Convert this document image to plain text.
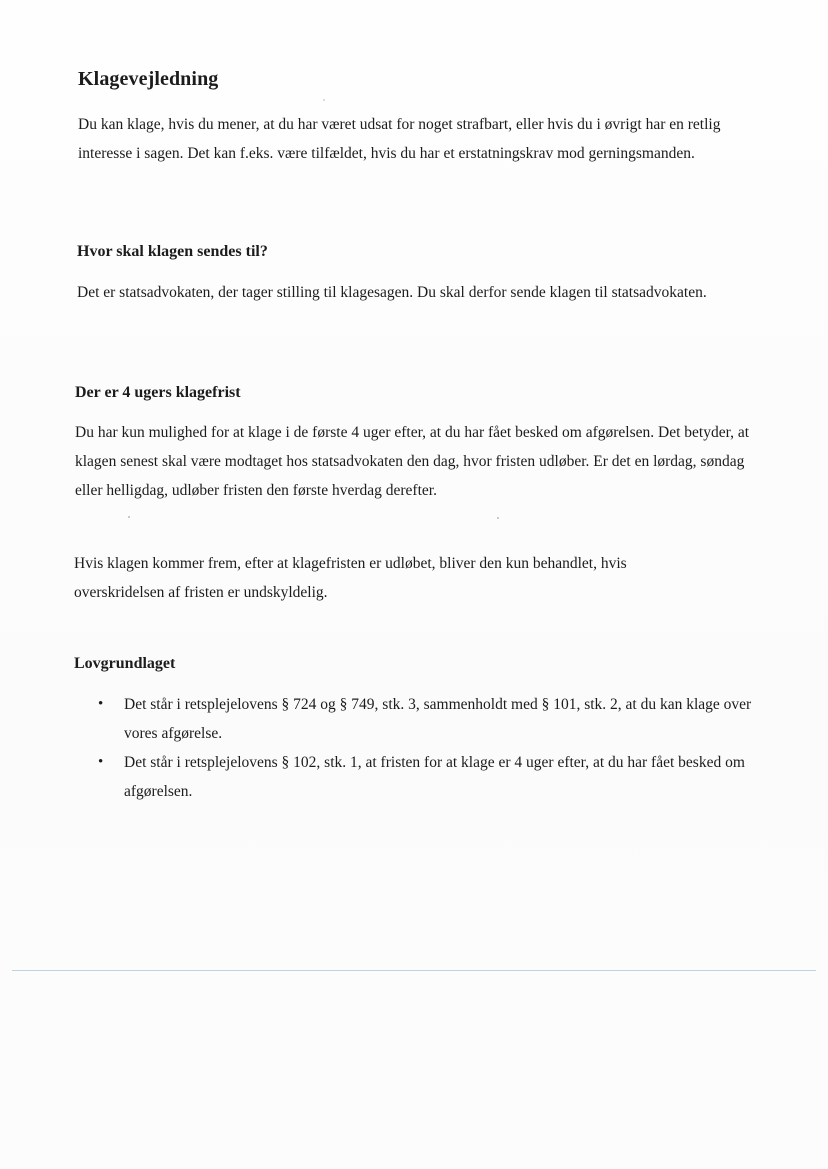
Klagevejledning

Du kan klage, hvis du mener, at du har været udsat for noget strafbart, eller hvis du i øvrigt har en retlig interesse i sagen. Det kan f.eks. være tilfældet, hvis du har et erstatningskrav mod gerningsmanden.

Hvor skal klagen sendes til?

Det er statsadvokaten, der tager stilling til klagesagen. Du skal derfor sende klagen til statsadvokaten.

Der er 4 ugers klagefrist

Du har kun mulighed for at klage i de første 4 uger efter, at du har fået besked om afgørelsen. Det betyder, at klagen senest skal være modtaget hos statsadvokaten den dag, hvor fristen udløber. Er det en lørdag, søndag eller helligdag, udløber fristen den første hverdag derefter.

Hvis klagen kommer frem, efter at klagefristen er udløbet, bliver den kun behandlet, hvis overskridelsen af fristen er undskyldelig.

Lovgrundlaget
• Det står i retsplejelovens § 724 og § 749, stk. 3, sammenholdt med § 101, stk. 2, at du kan klage over vores afgørelse.
• Det står i retsplejelovens § 102, stk. 1, at fristen for at klage er 4 uger efter, at du har fået besked om afgørelsen.
